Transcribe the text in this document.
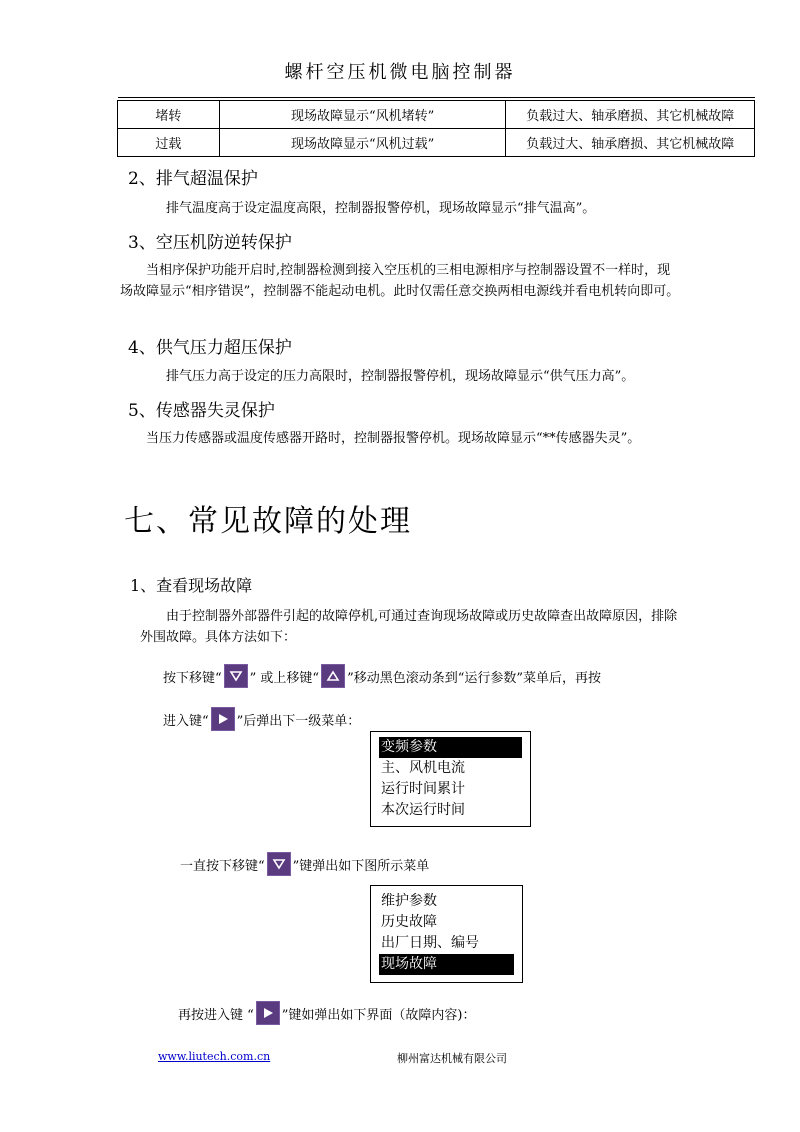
螺杆空压机微电脑控制器
堵转	现场故障显示“风机堵转”	负载过大、轴承磨损、其它机械故障
过载	现场故障显示“风机过载”	负载过大、轴承磨损、其它机械故障
2、排气超温保护
排气温度高于设定温度高限，控制器报警停机，现场故障显示“排气温高”。
3、空压机防逆转保护
当相序保护功能开启时,控制器检测到接入空压机的三相电源相序与控制器设置不一样时，现场故障显示“相序错误”，控制器不能起动电机。此时仅需任意交换两相电源线并看电机转向即可。
4、供气压力超压保护
排气压力高于设定的压力高限时，控制器报警停机，现场故障显示“供气压力高”。
5、传感器失灵保护
当压力传感器或温度传感器开路时，控制器报警停机。现场故障显示“**传感器失灵”。
七、常见故障的处理
1、查看现场故障
由于控制器外部器件引起的故障停机,可通过查询现场故障或历史故障查出故障原因，排除外围故障。具体方法如下：
按下移键“ ” 或上移键“ ”移动黑色滚动条到“运行参数”菜单后，再按
进入键“ ”后弹出下一级菜单：
变频参数
主、风机电流
运行时间累计
本次运行时间
一直按下移键“ ”键弹出如下图所示菜单
维护参数
历史故障
出厂日期、编号
现场故障
再按进入键 “ ”键如弹出如下界面（故障内容)：
www.liutech.com.cn	柳州富达机械有限公司
